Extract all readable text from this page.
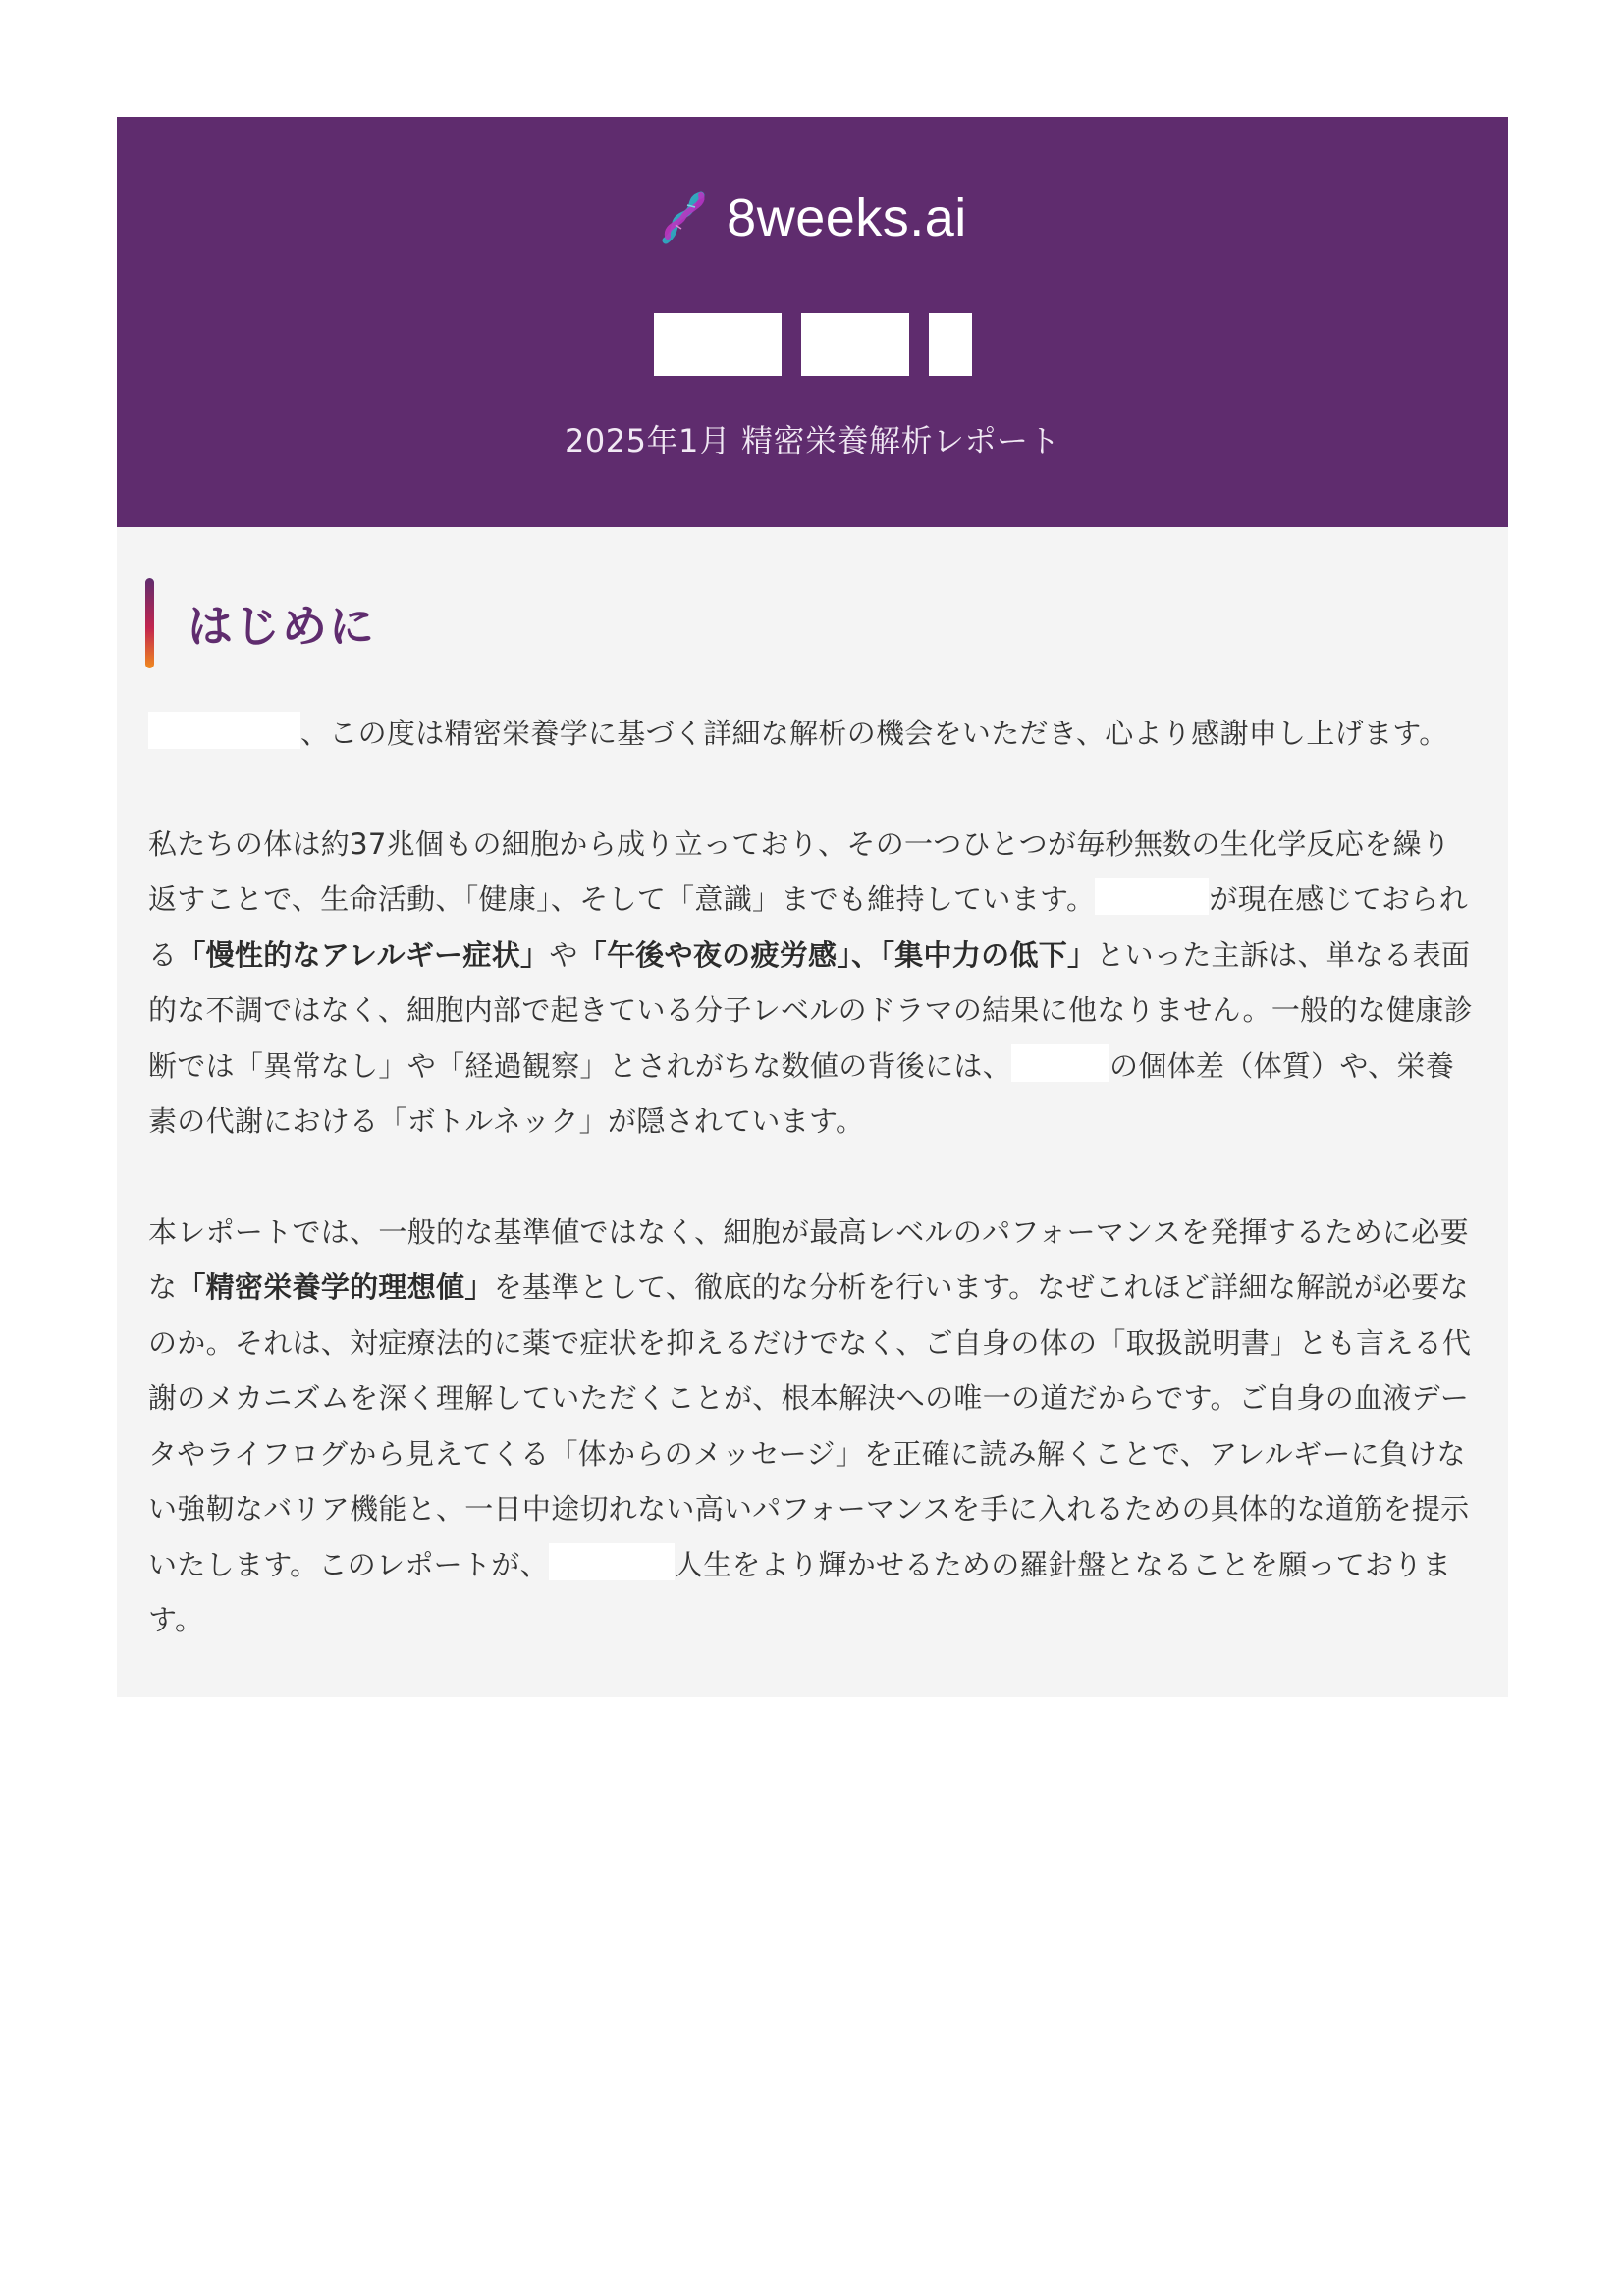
8weeks.ai
2025年1月 精密栄養解析レポート
はじめに

、この度は精密栄養学に基づく詳細な解析の機会をいただき、心より感謝申し上げます。

私たちの体は約37兆個もの細胞から成り立っており、その一つひとつが毎秒無数の生化学反応を繰り返すことで、生命活動、「健康」、そして「意識」までも維持しています。	が現在感じておられる「慢性的なアレルギー症状」や「午後や夜の疲労感」、「集中力の低下」といった主訴は、単なる表面的な不調ではなく、細胞内部で起きている分子レベルのドラマの結果に他なりません。一般的な健康診断では「異常なし」や「経過観察」とされがちな数値の背後には、	の個体差（体質）や、栄養素の代謝における「ボトルネック」が隠されています。

本レポートでは、一般的な基準値ではなく、細胞が最高レベルのパフォーマンスを発揮するために必要な「精密栄養学的理想値」を基準として、徹底的な分析を行います。なぜこれほど詳細な解説が必要なのか。それは、対症療法的に薬で症状を抑えるだけでなく、ご自身の体の「取扱説明書」とも言える代謝のメカニズムを深く理解していただくことが、根本解決への唯一の道だからです。ご自身の血液データやライフログから見えてくる「体からのメッセージ」を正確に読み解くことで、アレルギーに負けない強靭なバリア機能と、一日中途切れない高いパフォーマンスを手に入れるための具体的な道筋を提示いたします。このレポートが、	人生をより輝かせるための羅針盤となることを願っております。
